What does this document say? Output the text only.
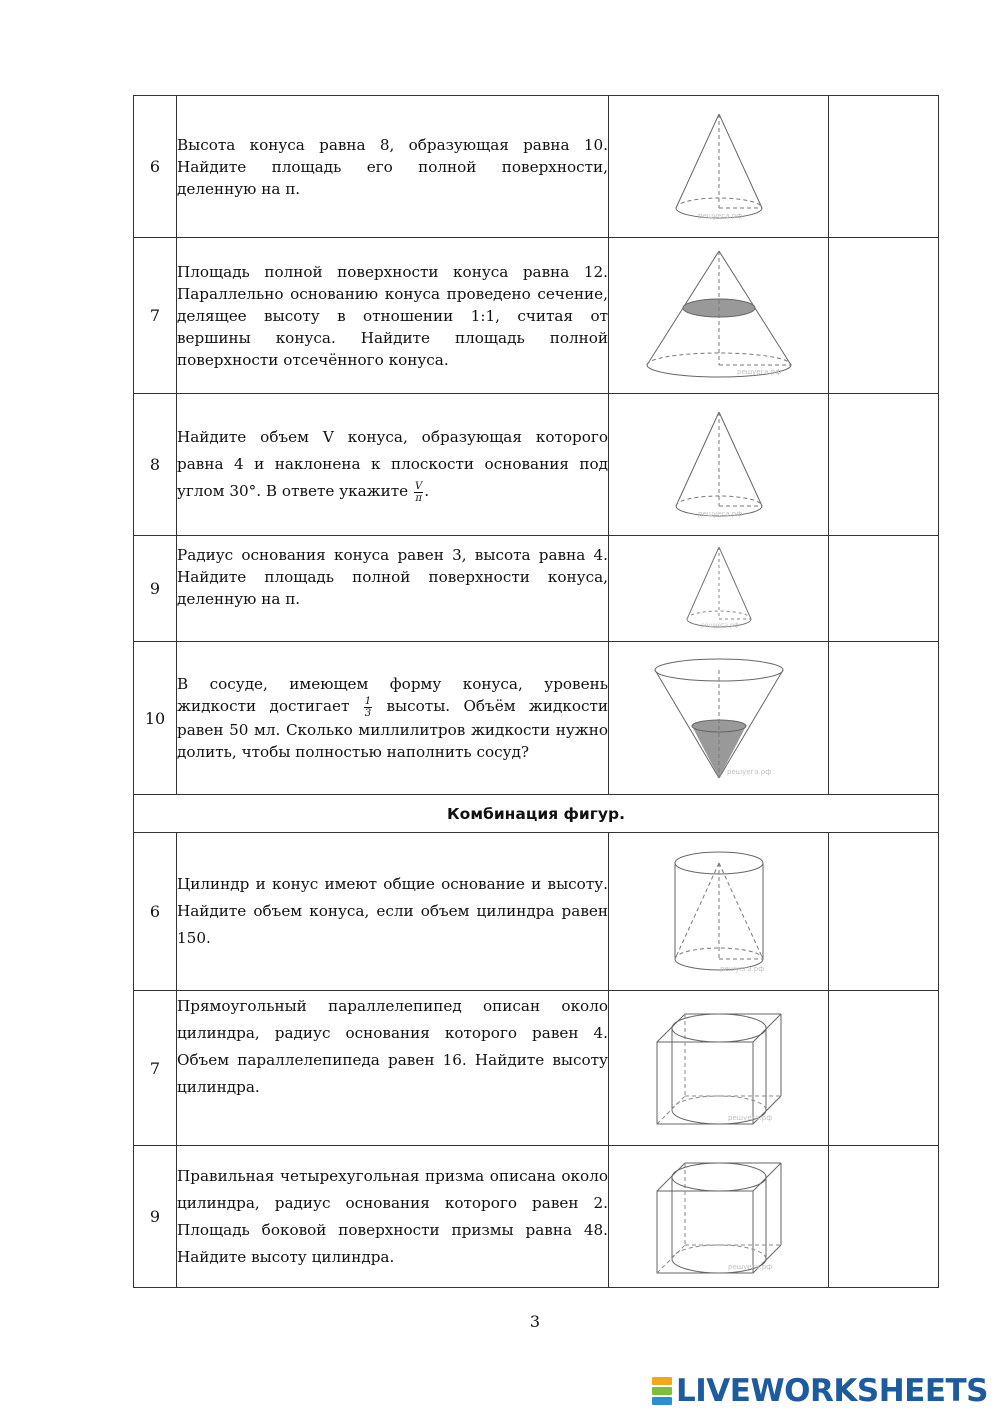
6	Высота конуса равна 8, образующая равна 10. Найдите площадь его полной поверхности, деленную на π.	решуега.рф	

7	Площадь полной поверхности конуса равна 12. Параллельно основанию конуса проведено сечение, делящее высоту в отношении 1:1, считая от вершины конуса. Найдите площадь полной поверхности отсечённого конуса.	решуега.рф	

8	Найдите объем V конуса, образующая которого равна 4 и наклонена к плоскости основания под углом 30°. В ответе укажите $\frac{V}{\pi}$ .	решуега.рф	

9	Радиус основания конуса равен 3, высота равна 4. Найдите площадь полной поверхности конуса, деленную на π.	решуега.рф	

10	В сосуде, имеющем форму конуса, уровень жидкости достигает $\frac{1}{3}$ высоты. Объём жидкости равен 50 мл. Сколько миллилитров жидкости нужно долить, чтобы полностью наполнить сосуд?	решуега.рф	

Комбинация фигур.			
6	Цилиндр и конус имеют общие основание и высоту. Найдите объем конуса, если объем цилиндра равен 150.	решуега.рф	

7	Прямоугольный параллелепипед описан около цилиндра, радиус основания которого равен 4. Объем параллелепипеда равен 16. Найдите высоту цилиндра.	решуега.рф	

9	Правильная четырехугольная призма описана около цилиндра, радиус основания которого равен 2. Площадь боковой поверхности призмы равна 48. Найдите высоту цилиндра.	решуега.рф	

3
LIVEWORKSHEETS
